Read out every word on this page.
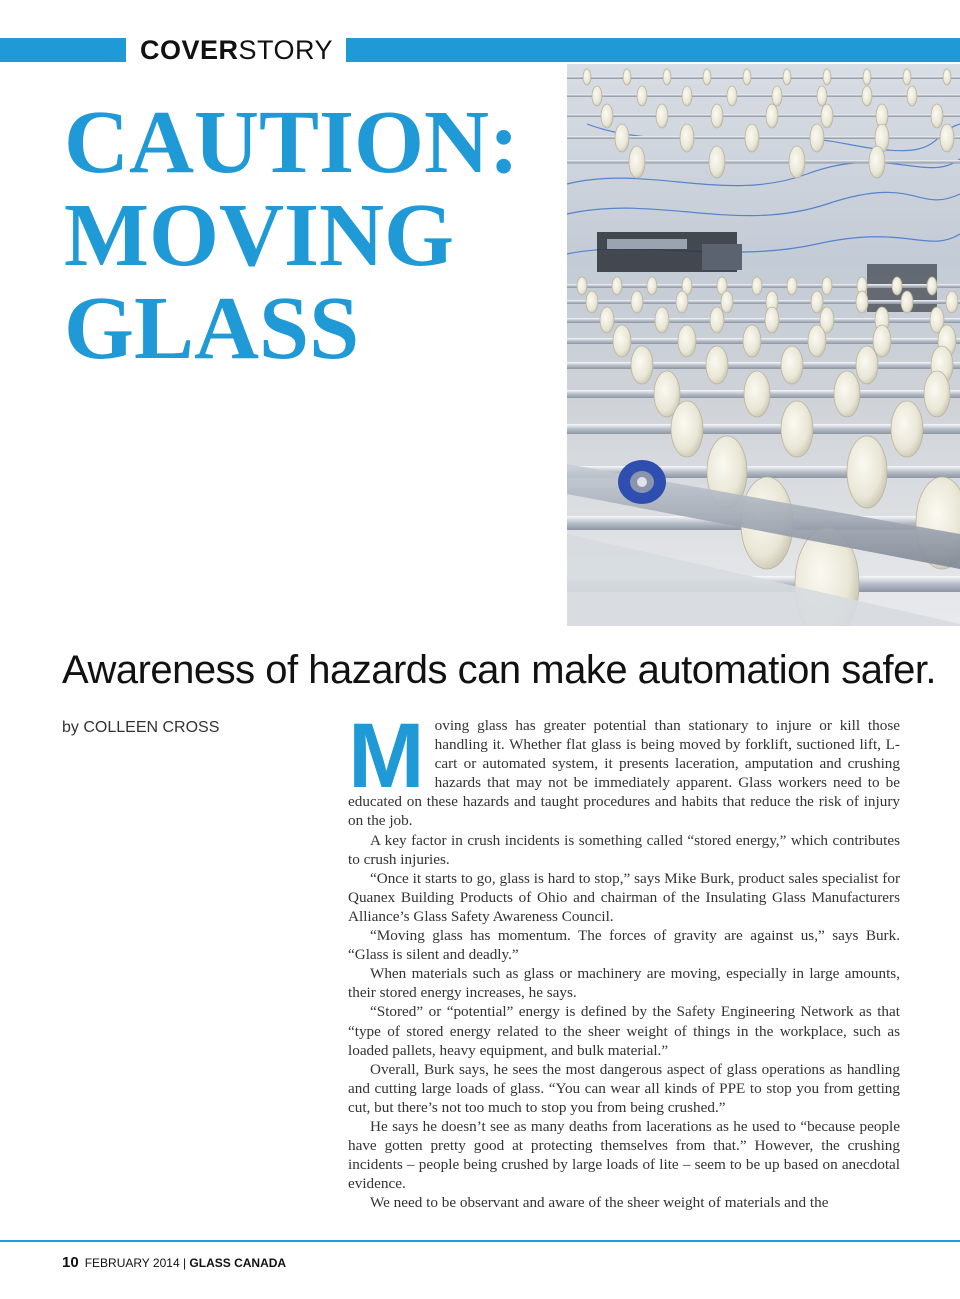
COVERSTORY
CAUTION:
MOVING
GLASS
Awareness of hazards can make automation safer.
by COLLEEN CROSS Moving glass has greater potential than stationary to injure or kill those handling it. Whether flat glass is being moved by forklift, suctioned lift, L-cart or automated system, it presents laceration, amputation and crushing hazards that may not be immediately apparent. Glass workers need to be educated on these hazards and taught procedures and habits that reduce the risk of injury on the job.

A key factor in crush incidents is something called “stored energy,” which contributes to crush injuries.

“Once it starts to go, glass is hard to stop,” says Mike Burk, product sales specialist for Quanex Building Products of Ohio and chairman of the Insulating Glass Manufacturers Alliance’s Glass Safety Awareness Council.

“Moving glass has momentum. The forces of gravity are against us,” says Burk. “Glass is silent and deadly.”

When materials such as glass or machinery are moving, especially in large amounts, their stored energy increases, he says.

“Stored” or “potential” energy is defined by the Safety Engineering Network as that “type of stored energy related to the sheer weight of things in the workplace, such as loaded pallets, heavy equipment, and bulk material.”

Overall, Burk says, he sees the most dangerous aspect of glass operations as handling and cutting large loads of glass. “You can wear all kinds of PPE to stop you from getting cut, but there’s not too much to stop you from being crushed.”

He says he doesn’t see as many deaths from lacerations as he used to “because people have gotten pretty good at protecting themselves from that.” However, the crushing incidents – people being crushed by large loads of lite – seem to be up based on anecdotal evidence.

We need to be observant and aware of the sheer weight of materials and the

10 FEBRUARY 2014 | GLASS CANADA
